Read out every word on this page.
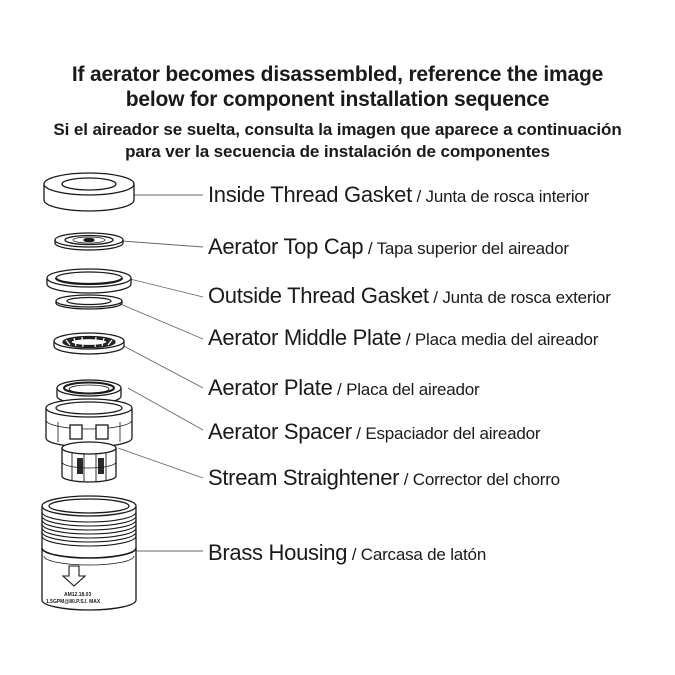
If aerator becomes disassembled, reference the image
below for component installation sequence
Si el aireador se suelta, consulta la imagen que aparece a continuación
para ver la secuencia de instalación de componentes
AM12.18.03
1.5GPM@80.P.S.I. MAX
Inside Thread Gasket / Junta de rosca interior
Aerator Top Cap / Tapa superior del aireador
Outside Thread Gasket / Junta de rosca exterior
Aerator Middle Plate / Placa media del aireador
Aerator Plate / Placa del aireador
Aerator Spacer / Espaciador del aireador
Stream Straightener / Corrector del chorro
Brass Housing / Carcasa de latón
